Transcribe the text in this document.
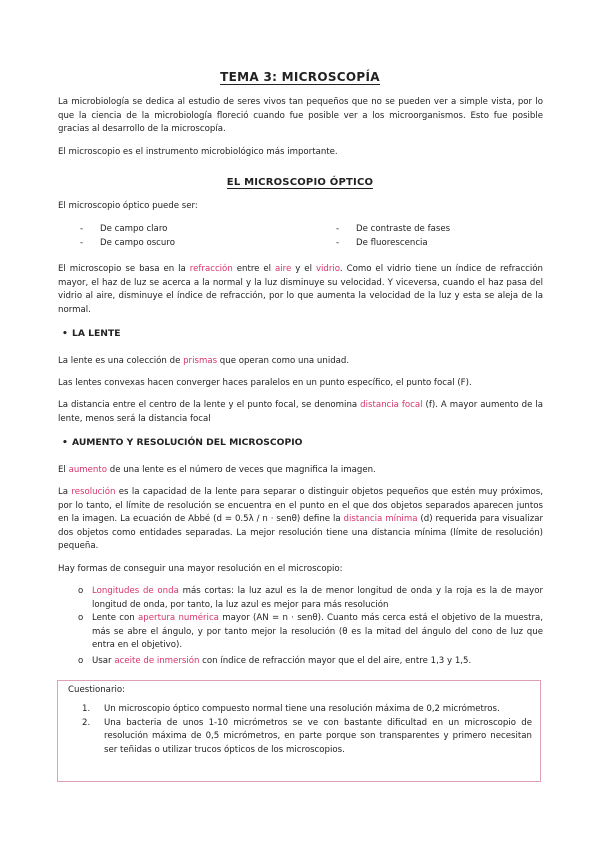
TEMA 3: MICROSCOPÍA
La microbiología se dedica al estudio de seres vivos tan pequeños que no se pueden ver a simple vista, por lo que la ciencia de la microbiología floreció cuando fue posible ver a los microorganismos. Esto fue posible gracias al desarrollo de la microscopía.
El microscopio es el instrumento microbiológico más importante.
EL MICROSCOPIO ÓPTICO
El microscopio óptico puede ser:
- De campo claro
- De campo oscuro
- De contraste de fases
- De fluorescencia
El microscopio se basa en la refracción entre el aire y el vidrio. Como el vidrio tiene un índice de refracción mayor, el haz de luz se acerca a la normal y la luz disminuye su velocidad. Y viceversa, cuando el haz pasa del vidrio al aire, disminuye el índice de refracción, por lo que aumenta la velocidad de la luz y esta se aleja de la normal.
• LA LENTE
La lente es una colección de prismas que operan como una unidad.
Las lentes convexas hacen converger haces paralelos en un punto específico, el punto focal (F).
La distancia entre el centro de la lente y el punto focal, se denomina distancia focal (f). A mayor aumento de la lente, menos será la distancia focal
• AUMENTO Y RESOLUCIÓN DEL MICROSCOPIO
El aumento de una lente es el número de veces que magnifica la imagen.
La resolución es la capacidad de la lente para separar o distinguir objetos pequeños que estén muy próximos, por lo tanto, el límite de resolución se encuentra en el punto en el que dos objetos separados aparecen juntos en la imagen. La ecuación de Abbé (d = 0.5λ / n · senθ) define la distancia mínima (d) requerida para visualizar dos objetos como entidades separadas. La mejor resolución tiene una distancia mínima (límite de resolución) pequeña.
Hay formas de conseguir una mayor resolución en el microscopio:
o Longitudes de onda más cortas: la luz azul es la de menor longitud de onda y la roja es la de mayor longitud de onda, por tanto, la luz azul es mejor para más resolución
o Lente con apertura numérica mayor (AN = n · senθ). Cuanto más cerca está el objetivo de la muestra, más se abre el ángulo, y por tanto mejor la resolución (θ es la mitad del ángulo del cono de luz que entra en el objetivo).
o Usar aceite de inmersión con índice de refracción mayor que el del aire, entre 1,3 y 1,5.
Cuestionario:
1. Un microscopio óptico compuesto normal tiene una resolución máxima de 0,2 micrómetros.
2. Una bacteria de unos 1-10 micrómetros se ve con bastante dificultad en un microscopio de resolución máxima de 0,5 micrómetros, en parte porque son transparentes y primero necesitan ser teñidas o utilizar trucos ópticos de los microscopios.
